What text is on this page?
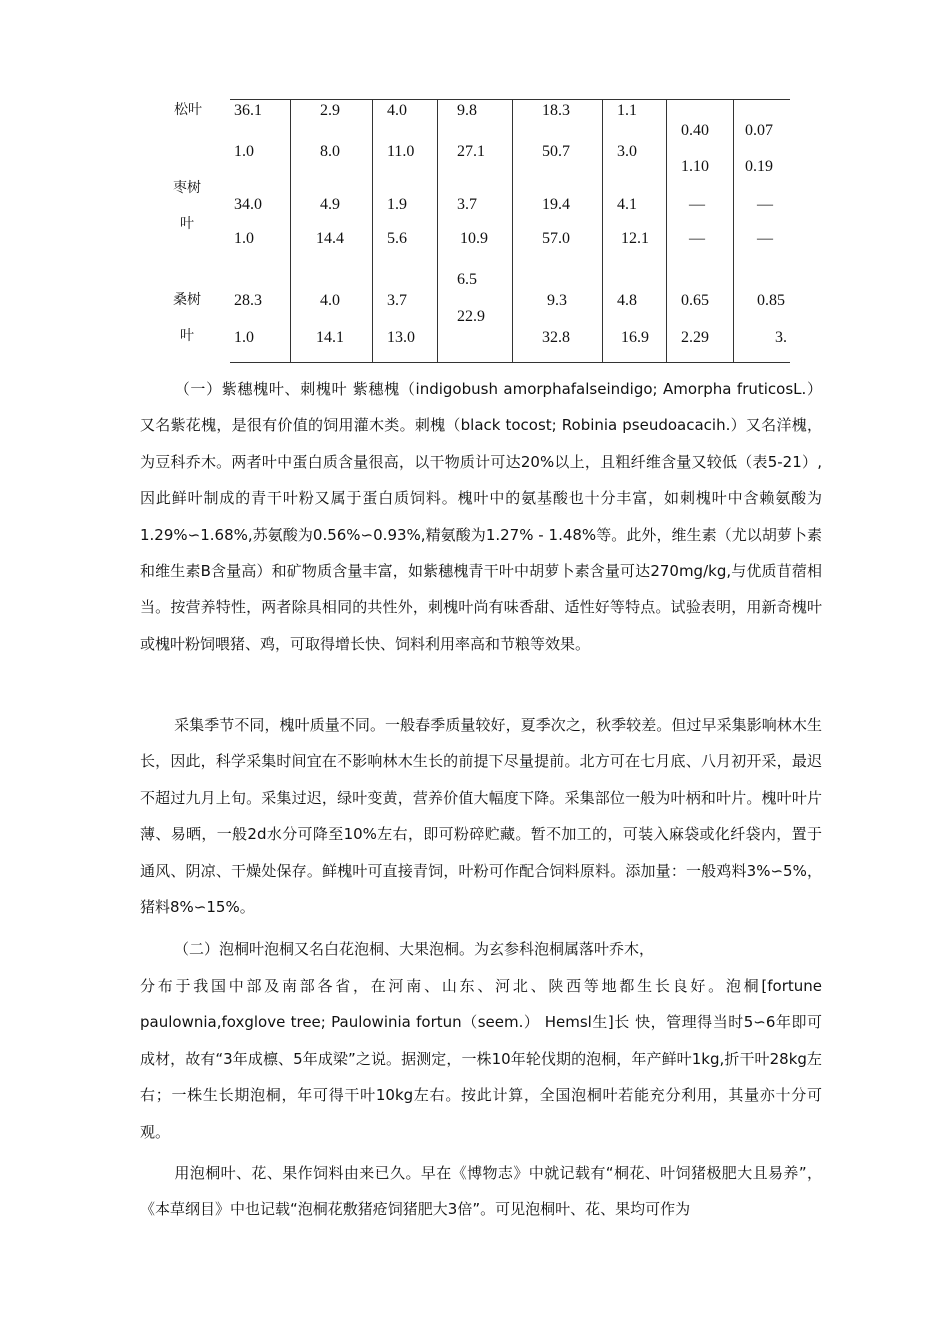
松叶	36.1
1.0
2.9
8.0
4.0
11.0
9.8
27.1
18.3
50.7
1.1
3.0
0.40
1.10
0.07
0.19
枣树叶
34.0
1.0
4.9
14.4
1.9
5.6
3.7
10.9
19.4
57.0
4.1
12.1
—
—
—
—
桑树叶
28.3
1.0
4.0
14.1
3.7
13.0
6.5
22.9
9.3
32.8
4.8
16.9
0.65
2.29
0.85
3.

（一）紫穗槐叶、刺槐叶 紫穗槐（indigobush amorphafalseindigo; Amorpha fruticosL.）又名紫花槐，是很有价值的饲用灌木类。刺槐（black tocost; Robinia pseudoacacih.）又名洋槐，为豆科乔木。两者叶中蛋白质含量很高，以干物质计可达20%以上，且粗纤维含量又较低（表5-21）,因此鲜叶制成的青干叶粉又属于蛋白质饲料。槐叶中的氨基酸也十分丰富，如刺槐叶中含赖氨酸为1.29%∽1.68%,苏氨酸为0.56%∽0.93%,精氨酸为1.27% - 1.48%等。此外，维生素（尤以胡萝卜素和维生素B含量高）和矿物质含量丰富，如紫穗槐青干叶中胡萝卜素含量可达270mg/kg,与优质苜蓿相当。按营养特性，两者除具相同的共性外，刺槐叶尚有味香甜、适性好等特点。试验表明，用新奇槐叶或槐叶粉饲喂猪、鸡，可取得增长快、饲料利用率高和节粮等效果。

采集季节不同，槐叶质量不同。一般春季质量较好，夏季次之，秋季较差。但过早采集影响林木生长，因此，科学采集时间宜在不影响林木生长的前提下尽量提前。北方可在七月底、八月初开采，最迟不超过九月上旬。采集过迟，绿叶变黄，营养价值大幅度下降。采集部位一般为叶柄和叶片。槐叶叶片薄、易晒，一般2d水分可降至10%左右，即可粉碎贮藏。暂不加工的，可装入麻袋或化纤袋内，置于通风、阴凉、干燥处保存。鲜槐叶可直接青饲，叶粉可作配合饲料原料。添加量：一般鸡料3%∽5%，猪料8%∽15%。

（二）泡桐叶泡桐又名白花泡桐、大果泡桐。为玄参科泡桐属落叶乔木，

分布于我国中部及南部各省，在河南、山东、河北、陕西等地都生长良好。泡桐[fortune paulownia,foxglove tree; Paulowinia fortun（seem.） Hemsl生]长 快，管理得当时5∽6年即可成材，故有“3年成檩、5年成梁”之说。据测定，一株10年轮伐期的泡桐，年产鲜叶1kg,折干叶28kg左右；一株生长期泡桐，年可得干叶10kg左右。按此计算，全国泡桐叶若能充分利用，其量亦十分可观。

用泡桐叶、花、果作饲料由来已久。早在《博物志》中就记载有“桐花、叶饲猪极肥大且易养”，《本草纲目》中也记载“泡桐花敷猪疮饲猪肥大3倍”。可见泡桐叶、花、果均可作为
